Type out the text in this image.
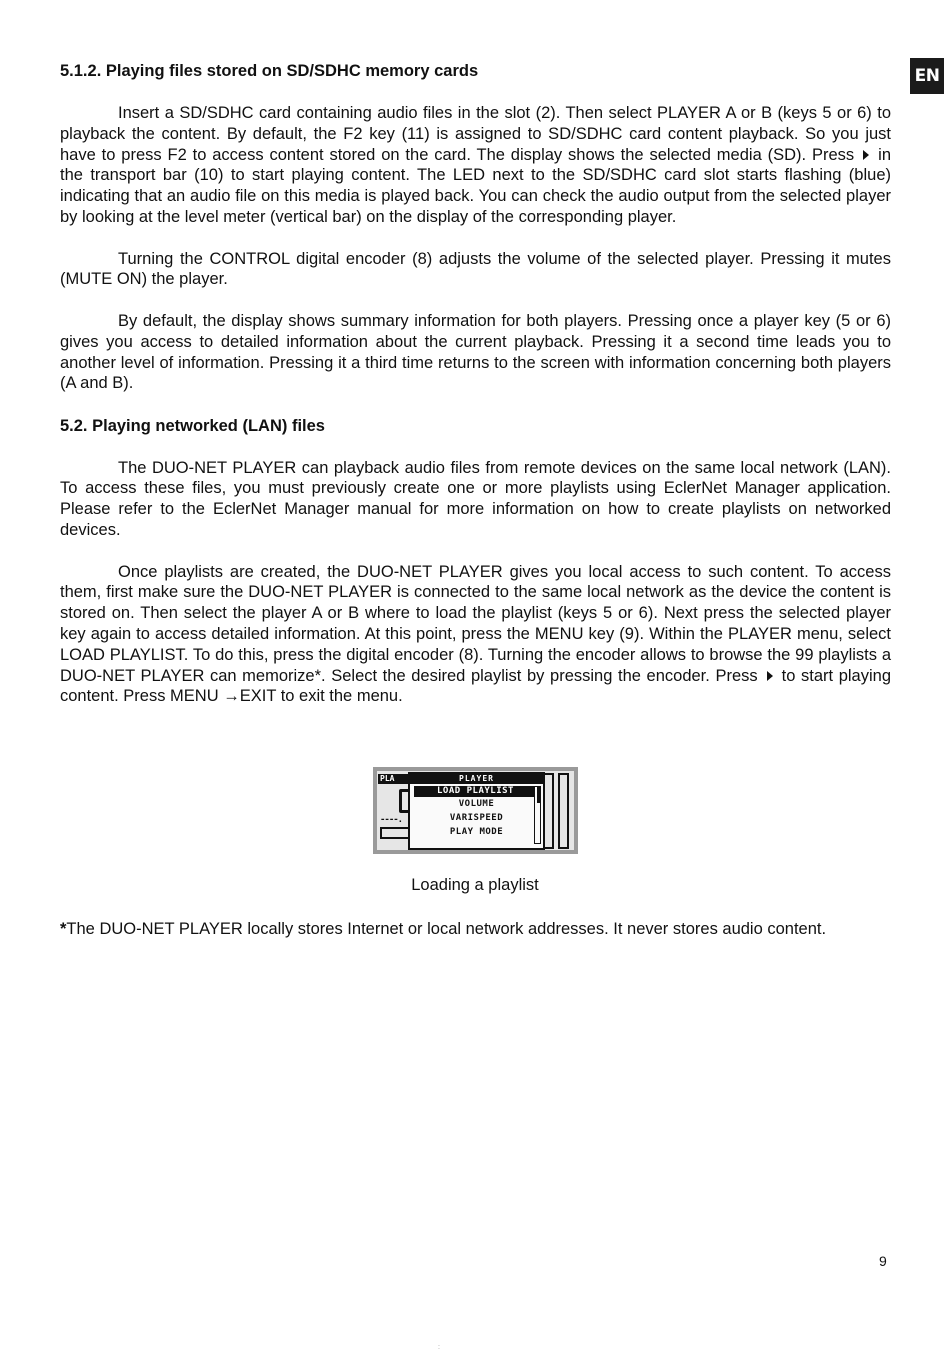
EN
5.1.2. Playing files stored on SD/SDHC memory cards

Insert a SD/SDHC card containing audio files in the slot (2). Then select PLAYER A or B (keys 5 or 6) to playback the content. By default, the F2 key (11) is assigned to SD/SDHC card content playback. So you just have to press F2 to access content stored on the card. The display shows the selected media (SD). Press in the transport bar (10) to start playing content. The LED next to the SD/SDHC card slot starts flashing (blue) indicating that an audio file on this media is played back. You can check the audio output from the selected player by looking at the level meter (vertical bar) on the display of the corresponding player.

Turning the CONTROL digital encoder (8) adjusts the volume of the selected player. Pressing it mutes (MUTE ON) the player.

By default, the display shows summary information for both players. Pressing once a player key (5 or 6) gives you access to detailed information about the current playback. Pressing it a second time leads you to another level of information. Pressing it a third time returns to the screen with information concerning both players (A and B).

5.2. Playing networked (LAN) files

The DUO-NET PLAYER can playback audio files from remote devices on the same local network (LAN). To access these files, you must previously create one or more playlists using EclerNet Manager application. Please refer to the EclerNet Manager manual for more information on how to create playlists on networked devices.

Once playlists are created, the DUO-NET PLAYER gives you local access to such content. To access them, first make sure the DUO-NET PLAYER is connected to the same local network as the device the content is stored on. Then select the player A or B where to load the playlist (keys 5 or 6). Next press the selected player key again to access detailed information. At this point, press the MENU key (9). Within the PLAYER menu, select LOAD PLAYLIST. To do this, press the digital encoder (8). Turning the encoder allows to browse the 99 playlists a DUO-NET PLAYER can memorize*. Select the desired playlist by pressing the encoder. Press to start playing content. Press MENU →EXIT to exit the menu.

PLA
----.
PLAYER
LOAD PLAYLIST
VOLUME
VARISPEED
PLAY MODE
Loading a playlist

*The DUO-NET PLAYER locally stores Internet or local network addresses. It never stores audio content.

9
:
